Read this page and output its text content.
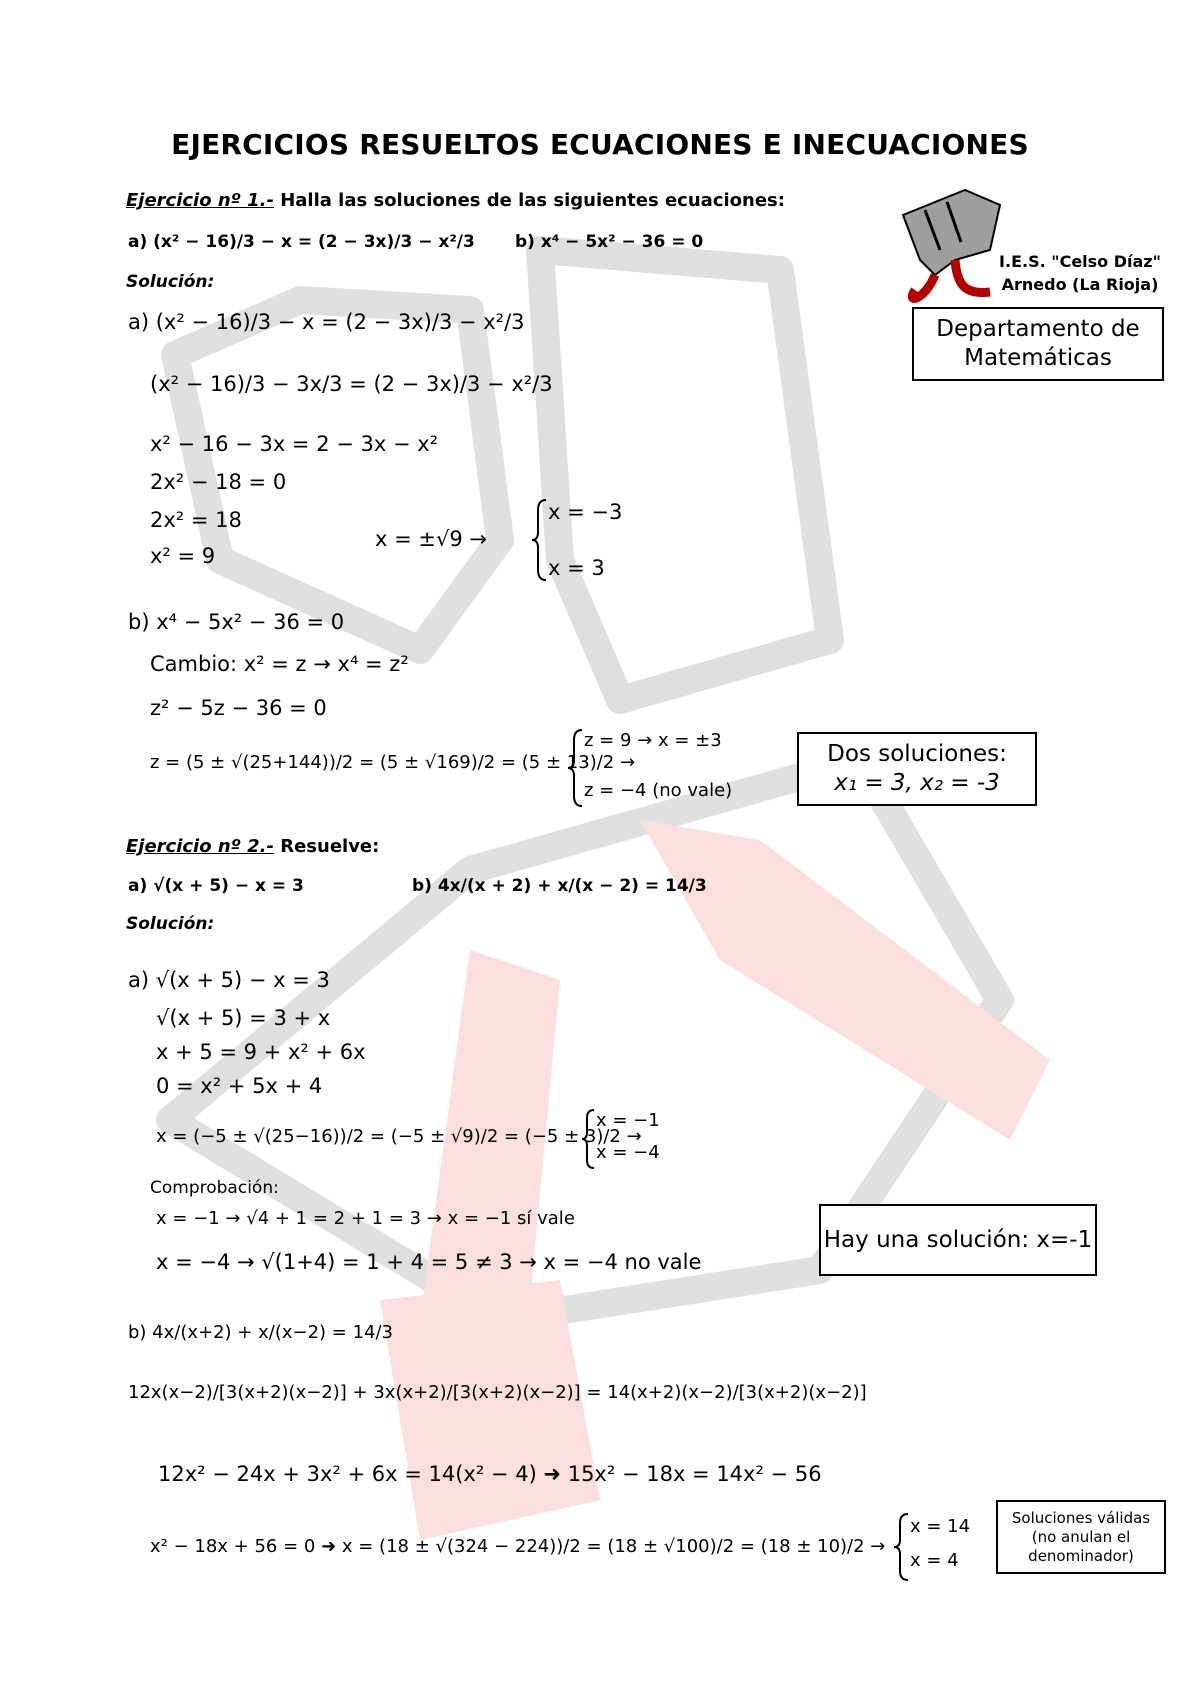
EJERCICIOS RESUELTOS ECUACIONES E INECUACIONES
I.E.S. "Celso Díaz"
Arnedo (La Rioja)
Departamento de Matemáticas
Ejercicio nº 1.- Halla las soluciones de las siguientes ecuaciones:
a) (x² − 16)/3 − x = (2 − 3x)/3 − x²/3 b) x⁴ − 5x² − 36 = 0
Solución:
a) (x² − 16)/3 − x = (2 − 3x)/3 − x²/3
(x² − 16)/3 − 3x/3 = (2 − 3x)/3 − x²/3
x² − 16 − 3x = 2 − 3x − x²
2x² − 18 = 0
2x² = 18
x² = 9
x = ±√9 →
x = −3
x = 3
b) x⁴ − 5x² − 36 = 0
Cambio: x² = z → x⁴ = z²
z² − 5z − 36 = 0
z = (5 ± √(25+144))/2 = (5 ± √169)/2 = (5 ± 13)/2 →
z = 9 → x = ±3
z = −4 (no vale)
Dos soluciones:
x₁ = 3, x₂ = -3
Ejercicio nº 2.- Resuelve:
a) √(x + 5) − x = 3	b) 4x/(x + 2) + x/(x − 2) = 14/3
Solución:
a) √(x + 5) − x = 3
√(x + 5) = 3 + x
x + 5 = 9 + x² + 6x
0 = x² + 5x + 4
x = (−5 ± √(25−16))/2 = (−5 ± √9)/2 = (−5 ± 3)/2 →
x = −1
x = −4
Comprobación:
x = −1 → √4 + 1 = 2 + 1 = 3 → x = −1 sí vale
x = −4 → √(1+4) = 1 + 4 = 5 ≠ 3 → x = −4 no vale
Hay una solución: x=-1
b) 4x/(x+2) + x/(x−2) = 14/3
12x(x−2)/[3(x+2)(x−2)] + 3x(x+2)/[3(x+2)(x−2)] = 14(x+2)(x−2)/[3(x+2)(x−2)]
12x² − 24x + 3x² + 6x = 14(x² − 4) ➜ 15x² − 18x = 14x² − 56
x² − 18x + 56 = 0 ➜ x = (18 ± √(324 − 224))/2 = (18 ± √100)/2 = (18 ± 10)/2 →
x = 14
x = 4
Soluciones válidas
(no anulan el
denominador)
